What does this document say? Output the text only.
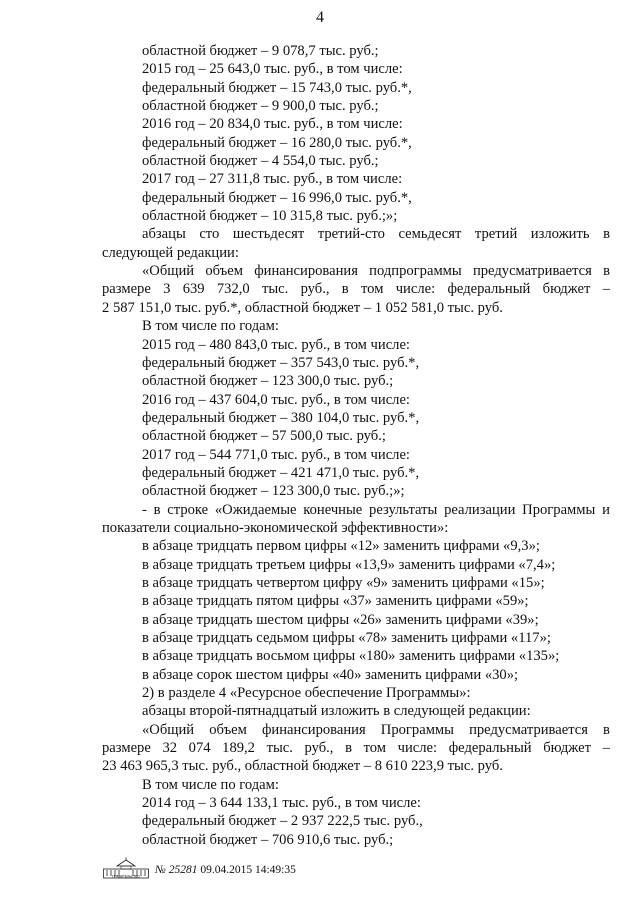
4
областной бюджет – 9 078,7 тыс. руб.;
2015 год – 25 643,0 тыс. руб., в том числе:
федеральный бюджет – 15 743,0 тыс. руб.*,
областной бюджет – 9 900,0 тыс. руб.;
2016 год – 20 834,0 тыс. руб., в том числе:
федеральный бюджет – 16 280,0 тыс. руб.*,
областной бюджет – 4 554,0 тыс. руб.;
2017 год – 27 311,8 тыс. руб., в том числе:
федеральный бюджет – 16 996,0 тыс. руб.*,
областной бюджет – 10 315,8 тыс. руб.;»;
абзацы сто шестьдесят третий-сто семьдесят третий изложить в
следующей редакции:
«Общий объем финансирования подпрограммы предусматривается в
размере 3 639 732,0 тыс. руб., в том числе: федеральный бюджет –
2 587 151,0 тыс. руб.*, областной бюджет – 1 052 581,0 тыс. руб.
В том числе по годам:
2015 год – 480 843,0 тыс. руб., в том числе:
федеральный бюджет – 357 543,0 тыс. руб.*,
областной бюджет – 123 300,0 тыс. руб.;
2016 год – 437 604,0 тыс. руб., в том числе:
федеральный бюджет – 380 104,0 тыс. руб.*,
областной бюджет – 57 500,0 тыс. руб.;
2017 год – 544 771,0 тыс. руб., в том числе:
федеральный бюджет – 421 471,0 тыс. руб.*,
областной бюджет – 123 300,0 тыс. руб.;»;
- в строке «Ожидаемые конечные результаты реализации Программы и
показатели социально-экономической эффективности»:
в абзаце тридцать первом цифры «12» заменить цифрами «9,3»;
в абзаце тридцать третьем цифры «13,9» заменить цифрами «7,4»;
в абзаце тридцать четвертом цифру «9» заменить цифрами «15»;
в абзаце тридцать пятом цифры «37» заменить цифрами «59»;
в абзаце тридцать шестом цифры «26» заменить цифрами «39»;
в абзаце тридцать седьмом цифры «78» заменить цифрами «117»;
в абзаце тридцать восьмом цифры «180» заменить цифрами «135»;
в абзаце сорок шестом цифры «40» заменить цифрами «30»;
2) в разделе 4 «Ресурсное обеспечение Программы»:
абзацы второй-пятнадцатый изложить в следующей редакции:
«Общий объем финансирования Программы предусматривается в
размере 32 074 189,2 тыс. руб., в том числе: федеральный бюджет –
23 463 965,3 тыс. руб., областной бюджет – 8 610 223,9 тыс. руб.
В том числе по годам:
2014 год – 3 644 133,1 тыс. руб., в том числе:
федеральный бюджет – 2 937 222,5 тыс. руб.,
областной бюджет – 706 910,6 тыс. руб.;
ПРАВИТЕЛЬСТВО № 25281 09.04.2015 14:49:35
